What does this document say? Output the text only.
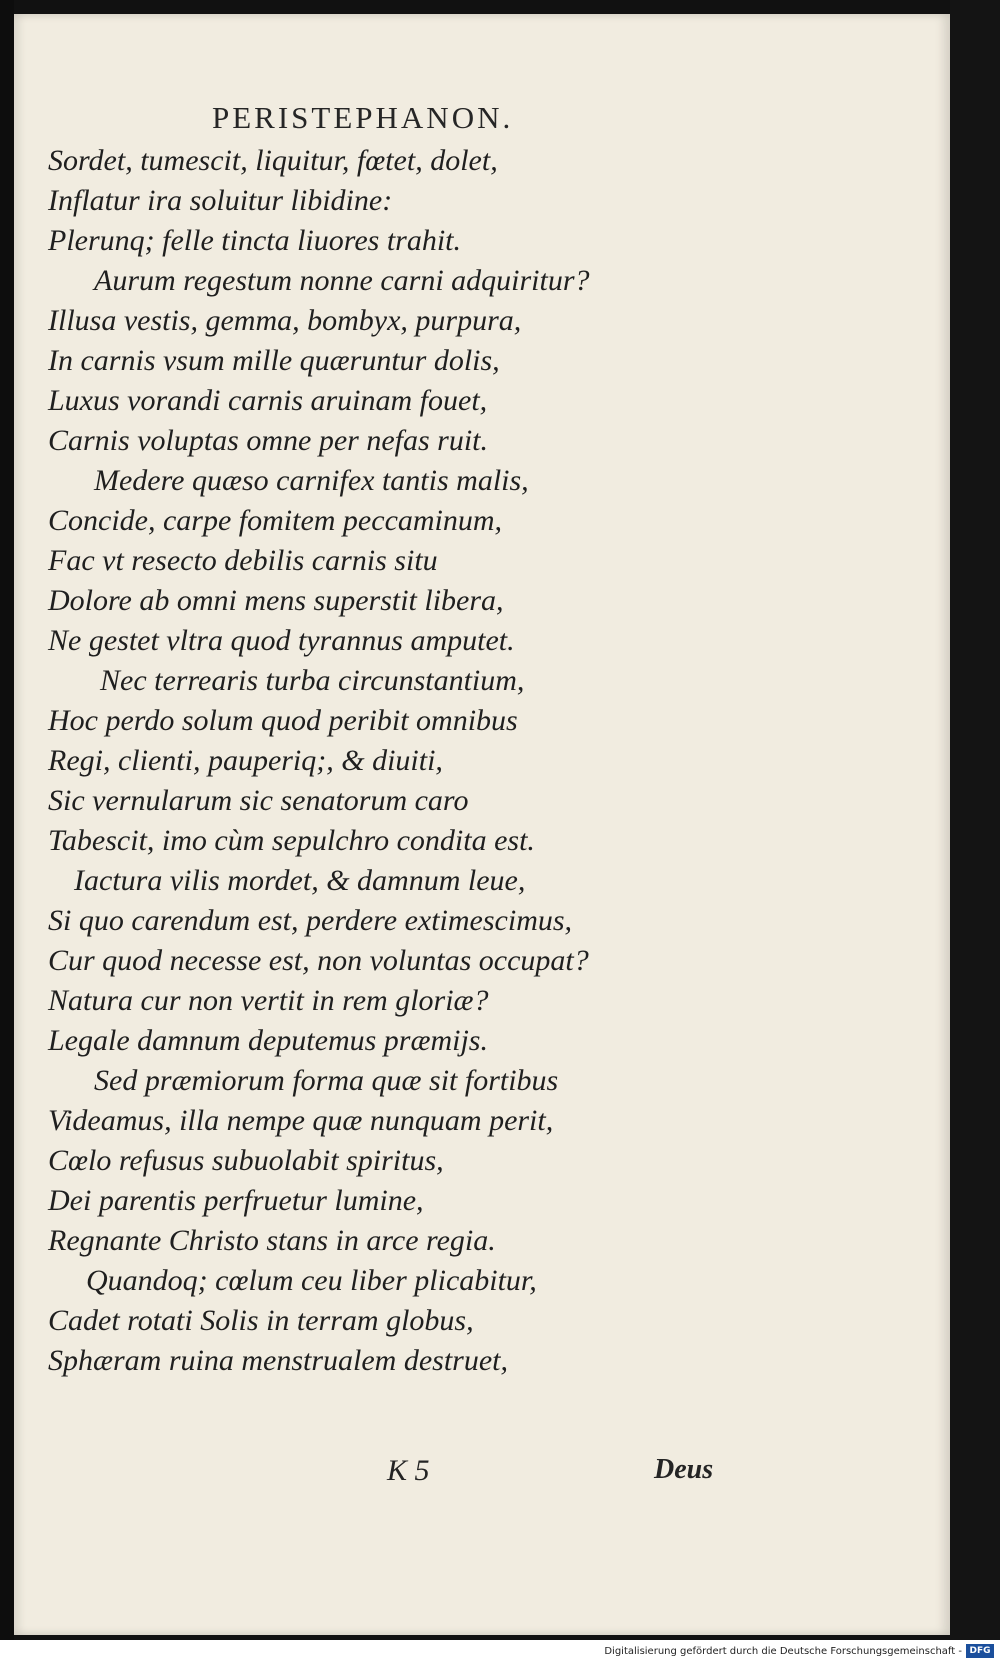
PERISTEPHANON.
Sordet, tumescit, liquitur, fœtet, dolet,
Inflatur ira soluitur libidine:
Plerunq; felle tincta liuores trahit.
Aurum regestum nonne carni adquiritur?
Illusa vestis, gemma, bombyx, purpura,
In carnis vsum mille quæruntur dolis,
Luxus vorandi carnis aruinam fouet,
Carnis voluptas omne per nefas ruit.
Medere quæso carnifex tantis malis,
Concide, carpe fomitem peccaminum,
Fac vt resecto debilis carnis situ
Dolore ab omni mens superstit libera,
Ne gestet vltra quod tyrannus amputet.
Nec terrearis turba circunstantium,
Hoc perdo solum quod peribit omnibus
Regi, clienti, pauperiq;, & diuiti,
Sic vernularum sic senatorum caro
Tabescit, imo cùm sepulchro condita est.
Iactura vilis mordet, & damnum leue,
Si quo carendum est, perdere extimescimus,
Cur quod necesse est, non voluntas occupat?
Natura cur non vertit in rem gloriæ?
Legale damnum deputemus præmijs.
Sed præmiorum forma quæ sit fortibus
Videamus, illa nempe quæ nunquam perit,
Cœlo refusus subuolabit spiritus,
Dei parentis perfruetur lumine,
Regnante Christo stans in arce regia.
Quandoq; cœlum ceu liber plicabitur,
Cadet rotati Solis in terram globus,
Sphæram ruina menstrualem destruet,
K 5	Deus
Digitalisierung gefördert durch die Deutsche Forschungsgemeinschaft - DFG
